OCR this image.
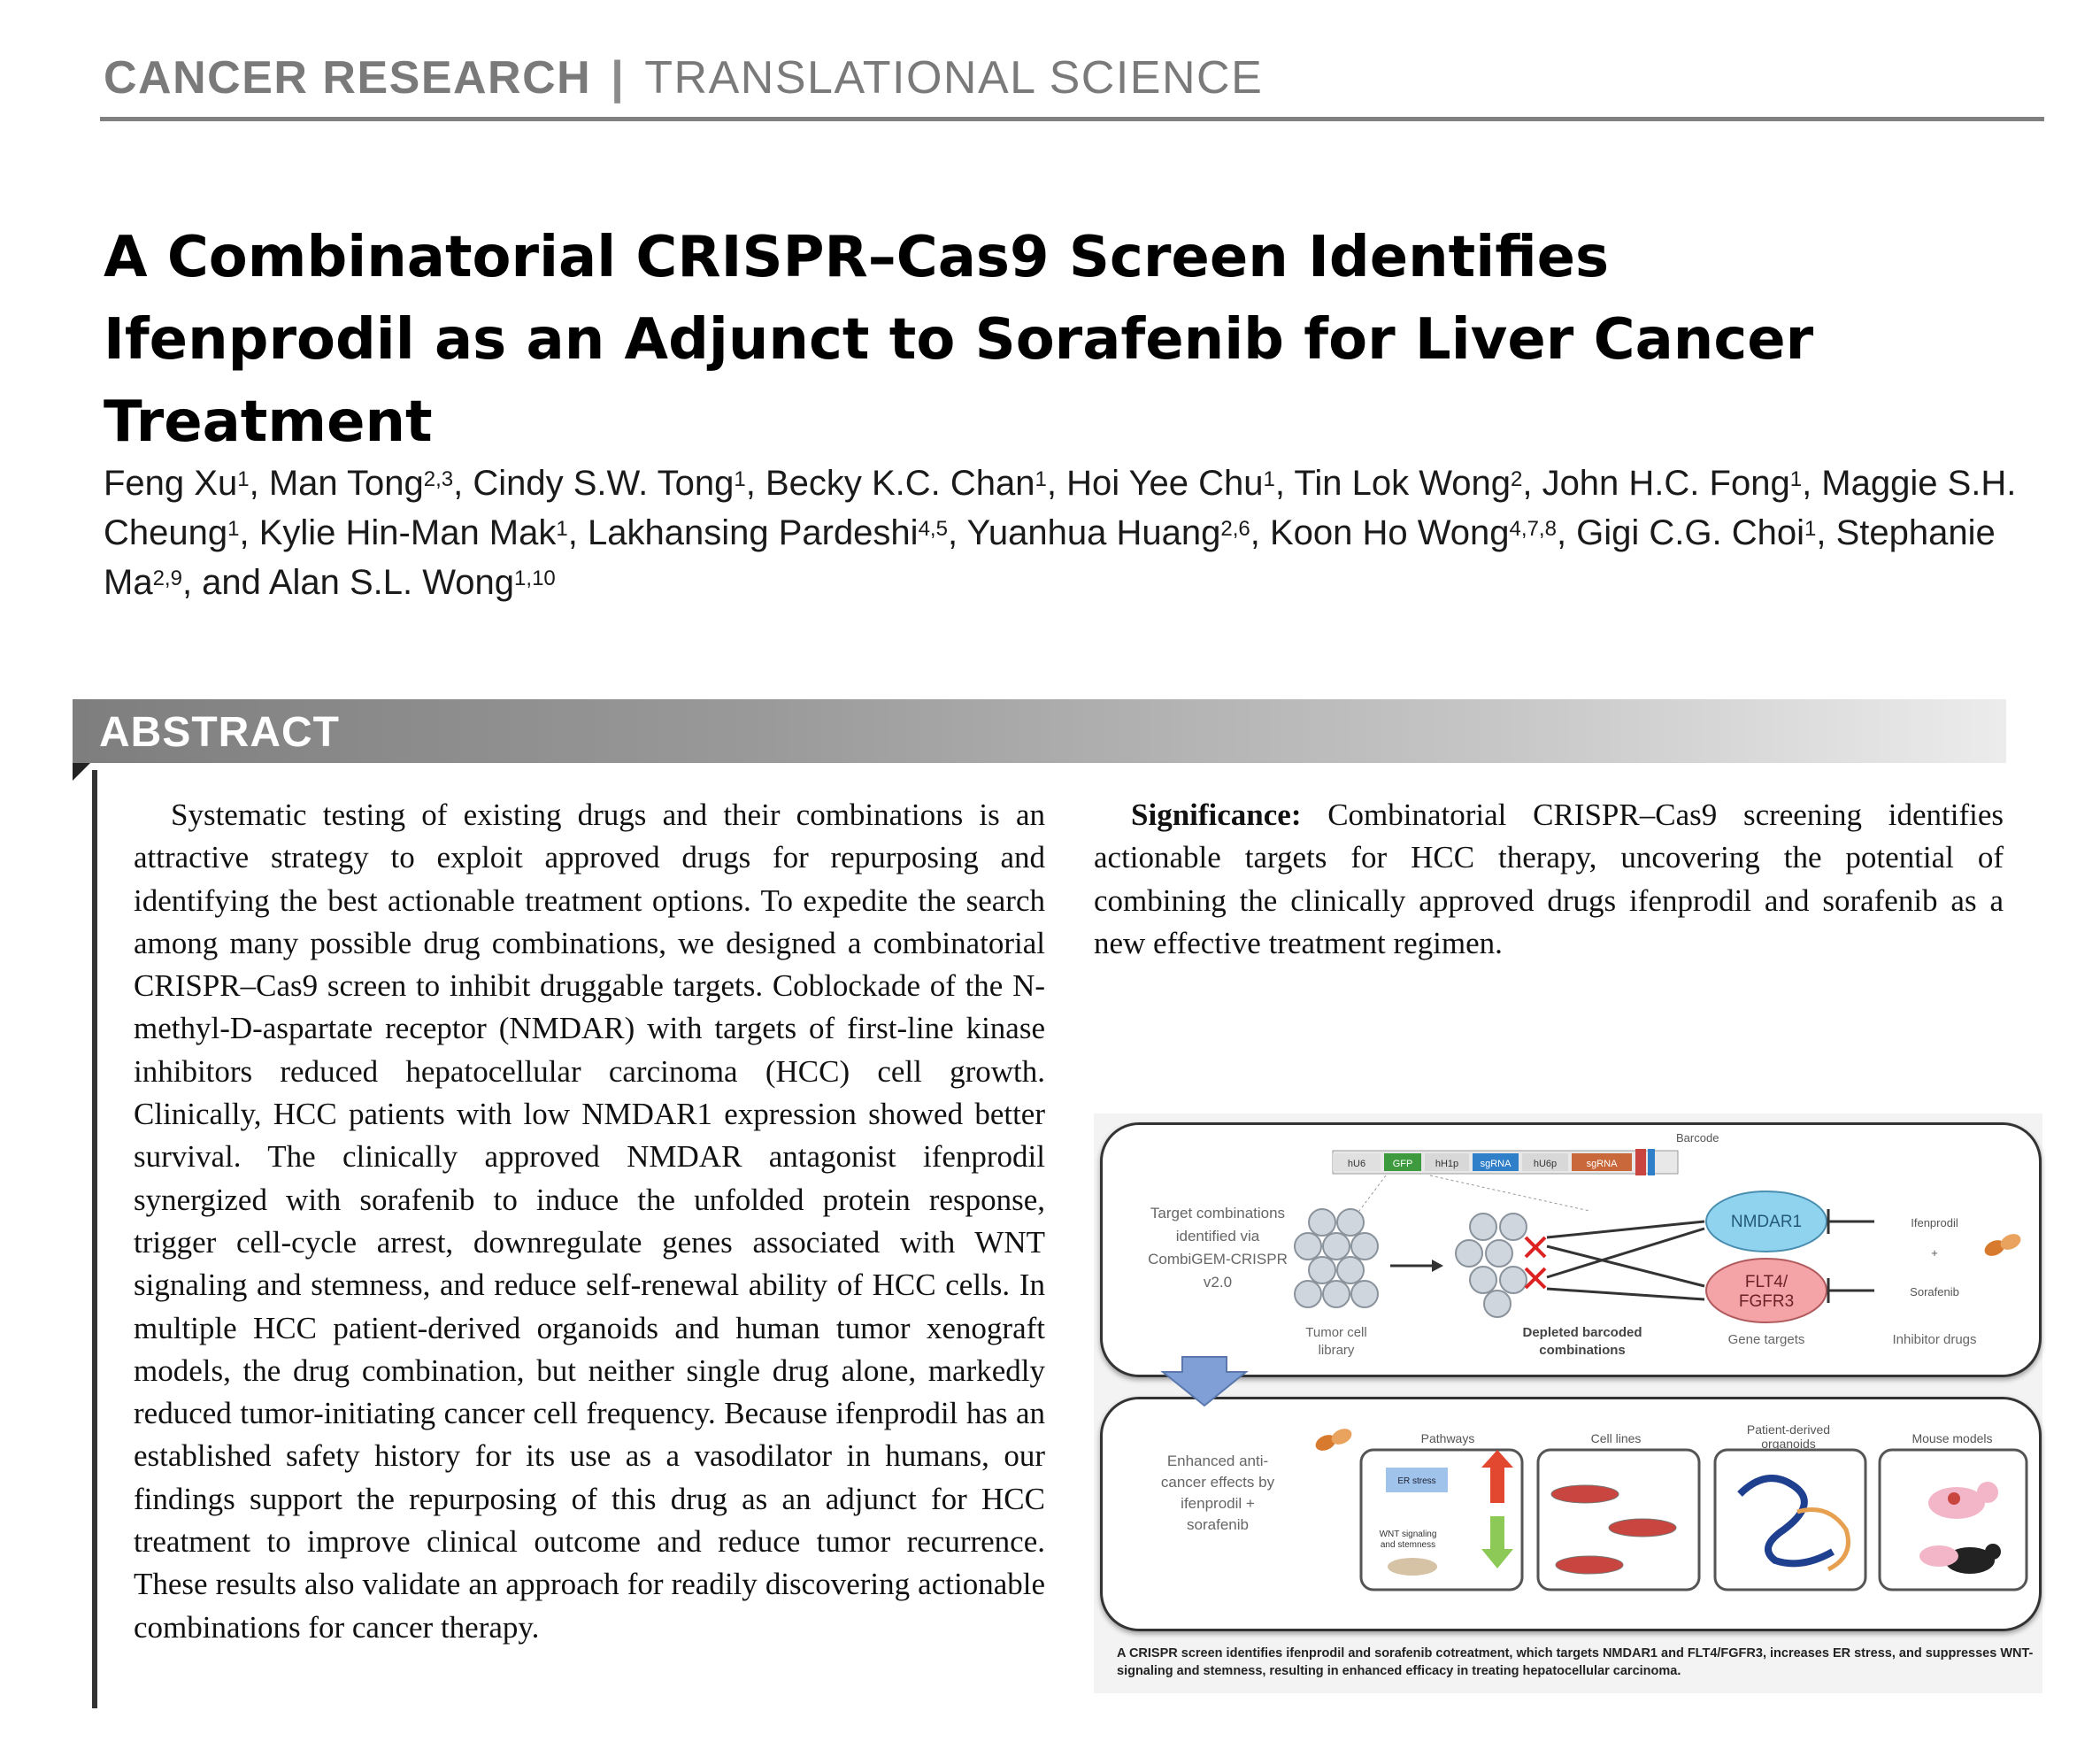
CANCER RESEARCH | TRANSLATIONAL SCIENCE
A Combinatorial CRISPR–Cas9 Screen Identifies Ifenprodil as an Adjunct to Sorafenib for Liver Cancer Treatment
Feng Xu$^1$, Man Tong$^{2,3}$, Cindy S.W. Tong$^1$, Becky K.C. Chan$^1$, Hoi Yee Chu$^1$, Tin Lok Wong$^2$, John H.C. Fong$^1$, Maggie S.H. Cheung$^1$, Kylie Hin-Man Mak$^1$, Lakhansing Pardeshi$^{4,5}$, Yuanhua Huang$^{2,6}$, Koon Ho Wong$^{4,7,8}$, Gigi C.G. Choi$^1$, Stephanie Ma$^{2,9}$, and Alan S.L. Wong$^{1,10}$
ABSTRACT
Systematic testing of existing drugs and their combinations is an attractive strategy to exploit approved drugs for repurposing and identifying the best actionable treatment options. To expedite the search among many possible drug combinations, we designed a combinatorial CRISPR–Cas9 screen to inhibit druggable targets. Coblockade of the N-methyl-D-aspartate receptor (NMDAR) with targets of first-line kinase inhibitors reduced hepatocellular carcinoma (HCC) cell growth. Clinically, HCC patients with low NMDAR1 expression showed better survival. The clinically approved NMDAR antagonist ifenprodil synergized with sorafenib to induce the unfolded protein response, trigger cell-cycle arrest, downregulate genes associated with WNT signaling and stemness, and reduce self-renewal ability of HCC cells. In multiple HCC patient-derived organoids and human tumor xenograft models, the drug combination, but neither single drug alone, markedly reduced tumor-initiating cancer cell frequency. Because ifenprodil has an established safety history for its use as a vasodilator in humans, our findings support the repurposing of this drug as an adjunct for HCC treatment to improve clinical outcome and reduce tumor recurrence. These results also validate an approach for readily discovering actionable combinations for cancer therapy.
Significance: Combinatorial CRISPR–Cas9 screening identifies actionable targets for HCC therapy, uncovering the potential of combining the clinically approved drugs ifenprodil and sorafenib as a new effective treatment regimen.
Barcode
hU6	GFP hH1p sgRNA hU6p	sgRNA
Target combinations
identified via
CombiGEM-CRISPR
v2.0
Tumor cell
library
Depleted barcoded
combinations
NMDAR1
FLT4/
FGFR3
Gene targets
Ifenprodil
+
Sorafenib
Inhibitor drugs
Enhanced anti-
cancer effects by
ifenprodil +
sorafenib
Pathways
ER stress
WNT signaling
and stemness
Cell lines
Patient-derived
organoids	Mouse models
A CRISPR screen identifies ifenprodil and sorafenib cotreatment, which targets NMDAR1 and FLT4/FGFR3, increases ER stress, and suppresses WNT-signaling and stemness, resulting in enhanced efficacy in treating hepatocellular carcinoma.
